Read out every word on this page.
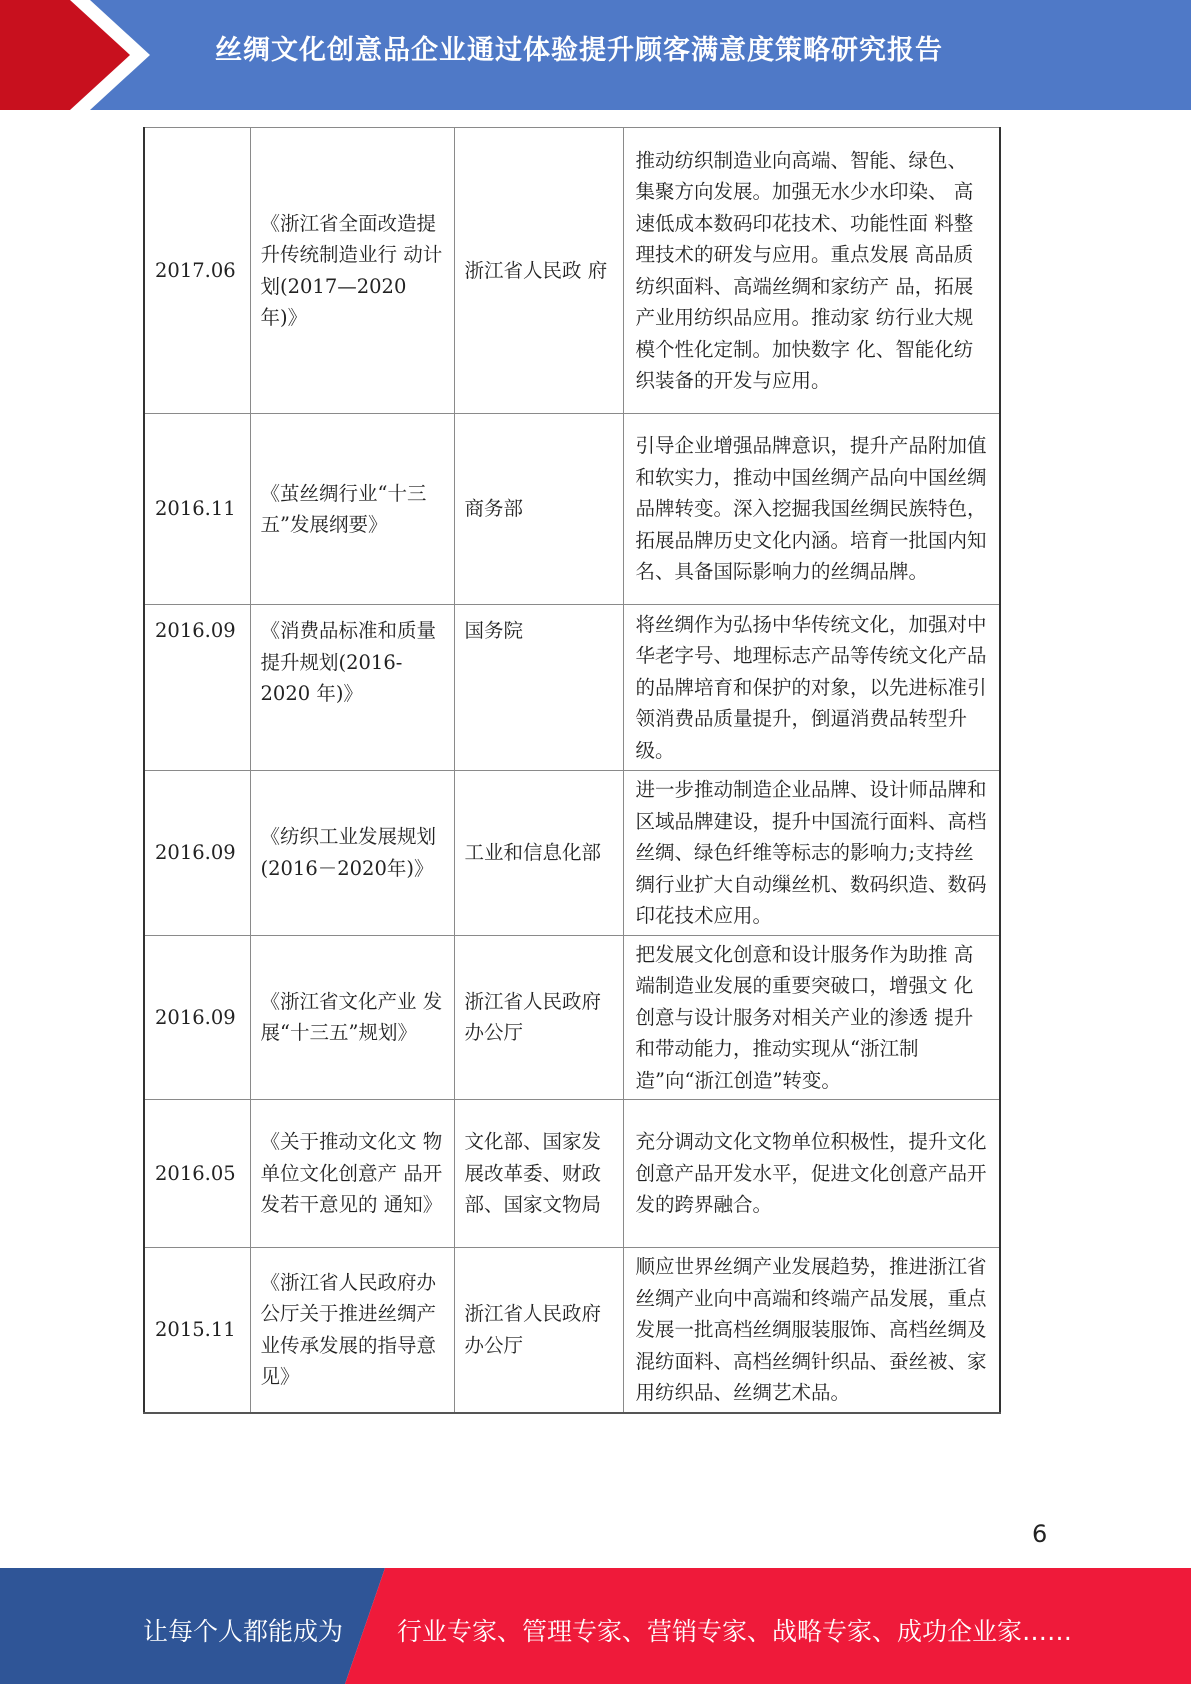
丝绸文化创意品企业通过体验提升顾客满意度策略研究报告
2017.06	《浙江省全面改造提升传统制造业行 动计划(2017—2020 年)》	浙江省人民政 府	推动纺织制造业向高端、智能、绿色、 集聚方向发展。加强无水少水印染、 高速低成本数码印花技术、功能性面 料整理技术的研发与应用。重点发展 高品质纺织面料、高端丝绸和家纺产 品，拓展产业用纺织品应用。推动家 纺行业大规模个性化定制。加快数字 化、智能化纺织装备的开发与应用。
2016.11	《茧丝绸行业“十三五”发展纲要》	商务部	引导企业增强品牌意识，提升产品附加值和软实力，推动中国丝绸产品向中国丝绸品牌转变。深入挖掘我国丝绸民族特色，拓展品牌历史文化内涵。培育一批国内知名、具备国际影响力的丝绸品牌。
2016.09	《消费品标准和质量提升规划(2016-2020 年)》	国务院	将丝绸作为弘扬中华传统文化，加强对中华老字号、地理标志产品等传统文化产品的品牌培育和保护的对象，以先进标准引领消费品质量提升，倒逼消费品转型升级。
2016.09	《纺织工业发展规划(2016－2020年)》	工业和信息化部	进一步推动制造企业品牌、设计师品牌和区域品牌建设，提升中国流行面料、高档丝绸、绿色纤维等标志的影响力;支持丝绸行业扩大自动缫丝机、数码织造、数码印花技术应用。
2016.09	《浙江省文化产业 发展“十三五”规划》	浙江省人民政府 办公厅	把发展文化创意和设计服务作为助推 高端制造业发展的重要突破口，增强文 化创意与设计服务对相关产业的渗透 提升和带动能力，推动实现从“浙江制 造”向“浙江创造”转变。
2016.05	《关于推动文化文 物单位文化创意产 品开发若干意见的 通知》	文化部、国家发 展改革委、财政 部、国家文物局	充分调动文化文物单位积极性，提升文化创意产品开发水平，促进文化创意产品开发的跨界融合。
2015.11	《浙江省人民政府办公厅关于推进丝绸产业传承发展的指导意见》	浙江省人民政府办公厅	顺应世界丝绸产业发展趋势，推进浙江省丝绸产业向中高端和终端产品发展，重点发展一批高档丝绸服装服饰、高档丝绸及混纺面料、高档丝绸针织品、蚕丝被、家用纺织品、丝绸艺术品。
6
让每个人都能成为 行业专家、管理专家、营销专家、战略专家、成功企业家……
